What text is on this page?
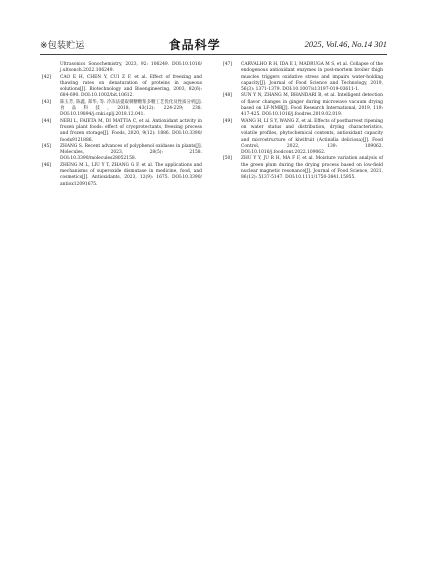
※包装贮运	食品科学	2025, Vol.46, No.14 301
Ultrasonics Sonochemistry, 2023, 92: 106249. DOI:10.1016/ j.ultsonch.2022.106249.
[42]	CAO E H, CHEN Y, CUI Z F, et al. Effect of freezing and thawing rates on denaturation of proteins in aqueous solutions[J]. Biotechnology and Bioengineering, 2003, 82(6): 684-690. DOI:10.1002/bit.10612.
[43]	陈玉芳, 陈鑫, 郑华, 等. 冷冻法提取刺糖糖浆多糖工艺优化及性质分析[J]. 食品科技, 2018, 43(12): 224-229; 238. DOI:10.19894/j.cnki.splj.2018.12.041.
[44]	NERI L, FAIETA M, DI MATTIA C, et al. Antioxidant activity in frozen plant foods: effect of cryoprotectants, freezing process and frozen storage[J]. Foods, 2020, 9(12): 1886. DOI:10.3390/ foods9121886.
[45]	ZHANG S. Recent advances of polyphenol oxidases in plants[J]. Molecules, 2023, 28(5): 2158. DOI:10.3390/molecules28052158.
[46]	ZHENG M L, LIU Y T, ZHANG G F, et al. The applications and mechanisms of superoxide dismutase in medicine, food, and cosmetics[J]. Antioxidants, 2023, 12(9): 1675. DOI:10.3390/ antiox12091675.
[47]	CARVALHO R H, IDA E I, MADRUGA M S, et al. Collapse of the endogenous antioxidant enzymes in post-mortem broiler thigh muscles triggers oxidative stress and impairs water-holding capacity[J]. Journal of Food Science and Technology, 2019, 56(3): 1371-1379. DOI:10.1007/s13197-019-03611-1.
[48]	SUN Y N, ZHANG M, BHANDARI B, et al. Intelligent detection of flavor changes in ginger during microwave vacuum drying based on LF-NMR[J]. Food Research International, 2019, 119: 417-425. DOI:10.1016/j.foodres.2019.02.019.
[49]	WANG H, LI S Y, WANG Z, et al. Effects of postharvest ripening on water status and distribution, drying characteristics, volatile profiles, phytochemical contents, antioxidant capacity and microstructure of kiwifruit (Actinidia deliciosa)[J]. Food Control, 2022, 139: 109062. DOI:10.1016/j.foodcont.2022.109062.
[50]	ZHU Y Y, JU R H, MA F F, et al. Moisture variation analysis of the green plum during the drying process based on low-field nuclear magnetic resonance[J]. Journal of Food Science, 2021, 86(12): 5137-5147. DOI:10.1111/1750-3841.15955.
